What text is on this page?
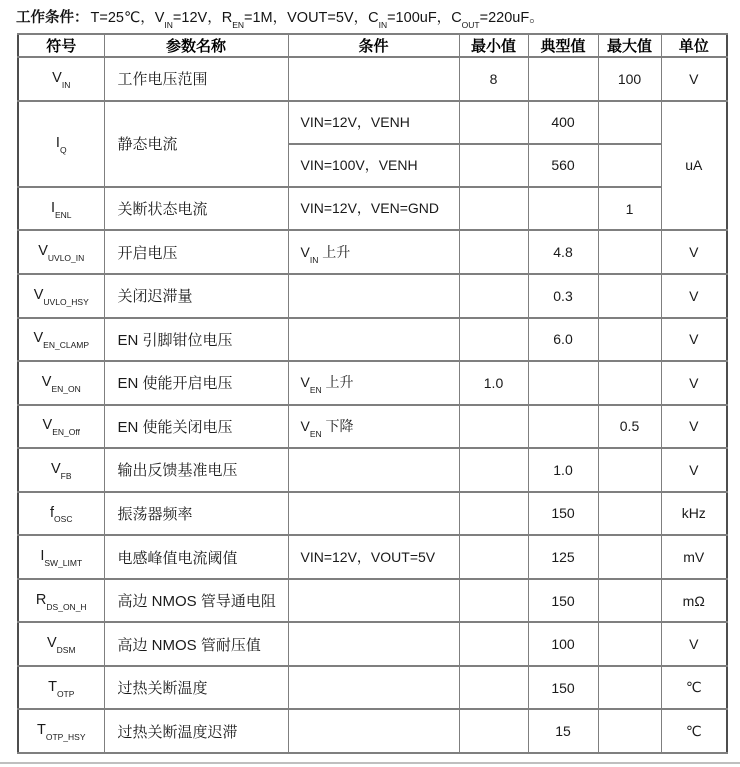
工作条件： T=25℃，$V_{IN}=12V$，$R_{EN}=1M$，VOUT=5V，$C_{IN}=100uF$，$C_{OUT}=220uF$。
符号	参数名称	条件	最小值	典型值	最大值	单位
$V_{IN}$	工作电压范围		8		100	V
$I_Q$	静态电流	VIN=12V，VENH		400		uA
		VIN=100V，VENH		560		
$I_{ENL}$	关断状态电流	VIN=12V，VEN=GND			1	
$V_{UVLO\_IN}$	开启电压	$V_{IN}$ 上升		4.8		V
$V_{UVLO\_HSY}$	关闭迟滞量			0.3		V
$V_{EN\_CLAMP}$	EN 引脚钳位电压			6.0		V
$V_{EN\_ON}$	EN 使能开启电压	$V_{EN}$ 上升	1.0			V
$V_{EN\_Off}$	EN 使能关闭电压	$V_{EN}$ 下降			0.5	V
$V_{FB}$	输出反馈基准电压			1.0		V
$f_{OSC}$	振荡器频率			150		kHz
$I_{SW\_LIMT}$	电感峰值电流阈值	VIN=12V，VOUT=5V		125		mV
$R_{DS\_ON\_H}$	高边 NMOS 管导通电阻			150		mΩ
$V_{DSM}$	高边 NMOS 管耐压值			100		V
$T_{OTP}$	过热关断温度			150		℃
$T_{OTP\_HSY}$	过热关断温度迟滞			15		℃
